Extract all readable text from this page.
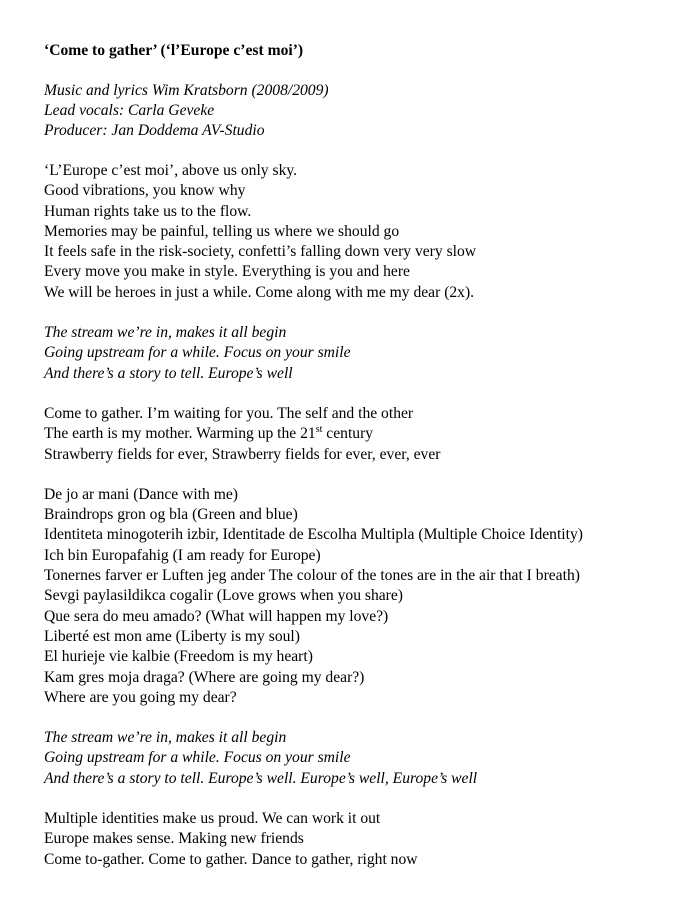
‘Come to gather’ (‘l’Europe c’est moi’)
Music and lyrics Wim Kratsborn (2008/2009)
Lead vocals: Carla Geveke
Producer: Jan Doddema AV-Studio
‘L’Europe c’est moi’, above us only sky.
Good vibrations, you know why
Human rights take us to the flow.
Memories may be painful, telling us where we should go
It feels safe in the risk-society, confetti’s falling down very very slow
Every move you make in style. Everything is you and here
We will be heroes in just a while. Come along with me my dear (2x).
The stream we’re in, makes it all begin
Going upstream for a while. Focus on your smile
And there’s a story to tell. Europe’s well
Come to gather. I’m waiting for you. The self and the other
The earth is my mother. Warming up the 21st century
Strawberry fields for ever, Strawberry fields for ever, ever, ever
De jo ar mani (Dance with me)
Braindrops gron og bla (Green and blue)
Identiteta minogoterih izbir, Identitade de Escolha Multipla (Multiple Choice Identity)
Ich bin Europafahig (I am ready for Europe)
Tonernes farver er Luften jeg ander The colour of the tones are in the air that I breath)
Sevgi paylasildikca cogalir (Love grows when you share)
Que sera do meu amado? (What will happen my love?)
Liberté est mon ame (Liberty is my soul)
El hurieje vie kalbie (Freedom is my heart)
Kam gres moja draga? (Where are going my dear?)
Where are you going my dear?
The stream we’re in, makes it all begin
Going upstream for a while. Focus on your smile
And there’s a story to tell. Europe’s well. Europe’s well, Europe’s well
Multiple identities make us proud. We can work it out
Europe makes sense. Making new friends
Come to-gather. Come to gather. Dance to gather, right now
